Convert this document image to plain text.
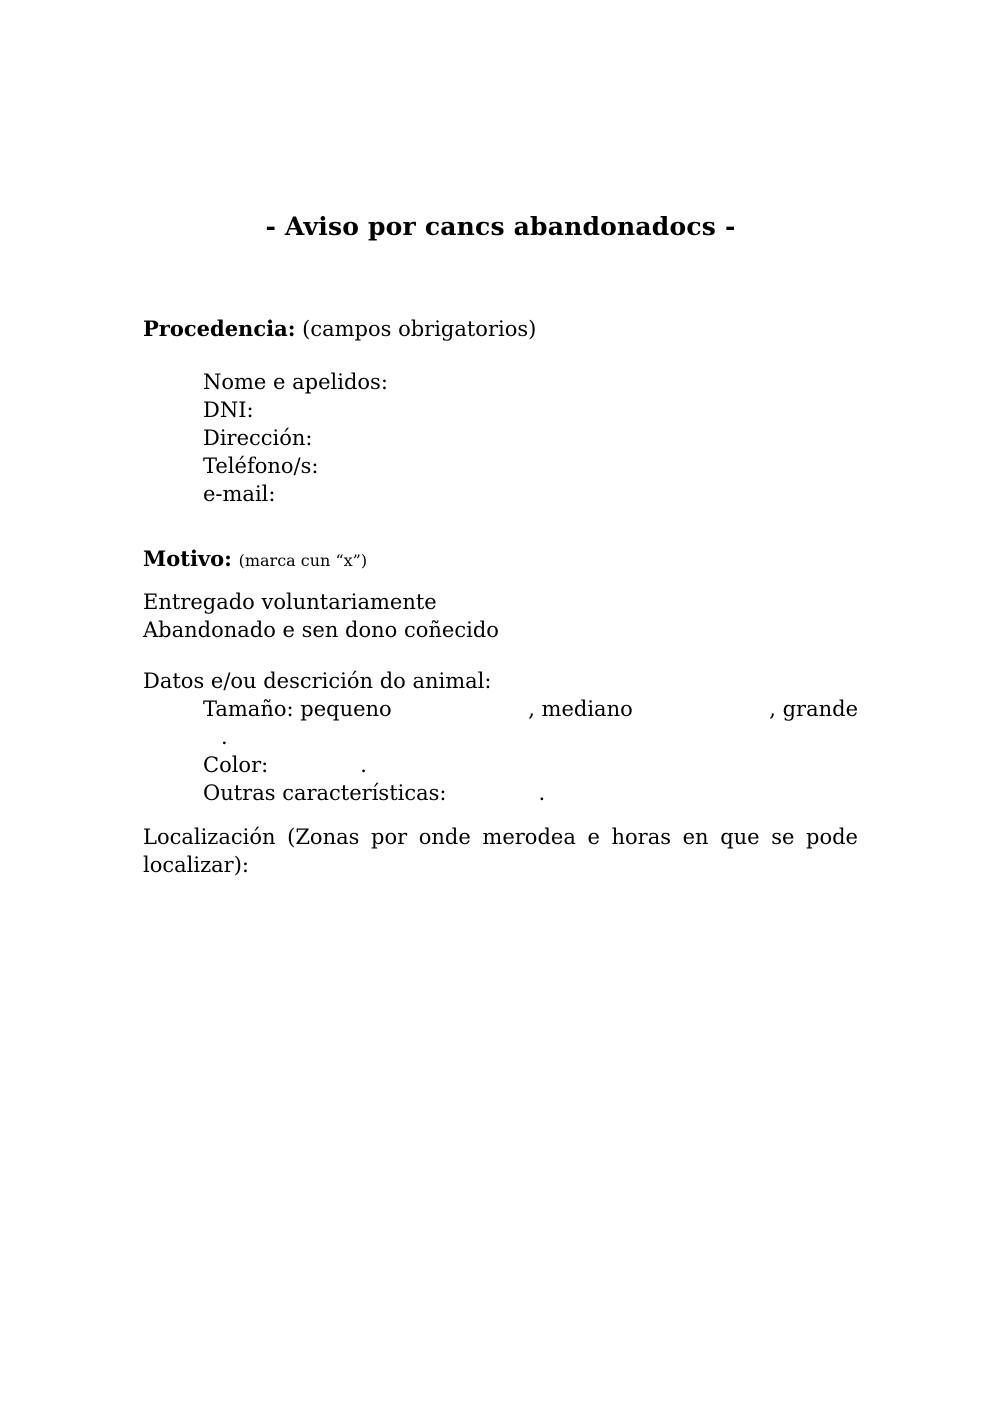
- Aviso por cancs abandonadocs -
Procedencia: (campos obrigatorios)
Nome e apelidos:
DNI:
Dirección:
Teléfono/s:
e-mail:
Motivo: (marca cun “x”)
Entregado voluntariamente
Abandonado e sen dono coñecido
Datos e/ou descrición do animal:
Tamaño: pequeno	, mediano	, grande
.
Color:	.
Outras características:	.
Localización (Zonas por onde merodea e horas en que se pode localizar):
